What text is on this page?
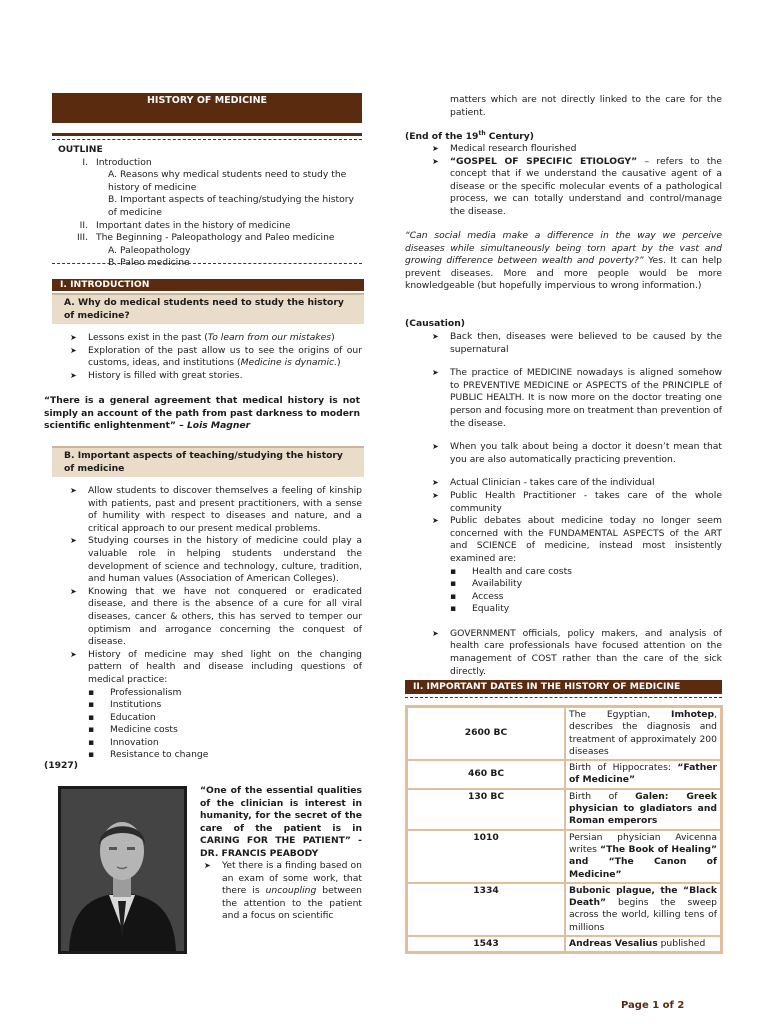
HISTORY OF MEDICINE
OUTLINE
I. Introduction
A. Reasons why medical students need to study the history of medicine
B. Important aspects of teaching/studying the history of medicine
II. Important dates in the history of medicine
III. The Beginning - Paleopathology and Paleo medicine
A. Paleopathology
B. Paleo medicine
I. INTRODUCTION
A. Why do medical students need to study the history of medicine?
➤ Lessons exist in the past (To learn from our mistakes)
➤ Exploration of the past allow us to see the origins of our customs, ideas, and institutions (Medicine is dynamic.)
➤ History is filled with great stories.
“There is a general agreement that medical history is not simply an account of the path from past darkness to modern scientific enlightenment” – Lois Magner
B. Important aspects of teaching/studying the history of medicine
➤ Allow students to discover themselves a feeling of kinship with patients, past and present practitioners, with a sense of humility with respect to diseases and nature, and a critical approach to our present medical problems.
➤ Studying courses in the history of medicine could play a valuable role in helping students understand the development of science and technology, culture, tradition, and human values (Association of American Colleges).
➤ Knowing that we have not conquered or eradicated disease, and there is the absence of a cure for all viral diseases, cancer & others, this has served to temper our optimism and arrogance concerning the conquest of disease.
➤ History of medicine may shed light on the changing pattern of health and disease including questions of medical practice:
▪ Professionalism
▪ Institutions
▪ Education
▪ Medicine costs
▪ Innovation
▪ Resistance to change
(1927)
“One of the essential qualities of the clinician is interest in humanity, for the secret of the care of the patient is in CARING FOR THE PATIENT” - DR. FRANCIS PEABODY
➤ Yet there is a finding based on an exam of some work, that there is uncoupling between the attention to the patient and a focus on scientific
matters which are not directly linked to the care for the patient.
(End of the 19th Century)
➤ Medical research flourished
➤ “GOSPEL OF SPECIFIC ETIOLOGY” – refers to the concept that if we understand the causative agent of a disease or the specific molecular events of a pathological process, we can totally understand and control/manage the disease.
“Can social media make a difference in the way we perceive diseases while simultaneously being torn apart by the vast and growing difference between wealth and poverty?” Yes. It can help prevent diseases. More and more people would be more knowledgeable (but hopefully impervious to wrong information.)
(Causation)
➤ Back then, diseases were believed to be caused by the supernatural
➤ The practice of MEDICINE nowadays is aligned somehow to PREVENTIVE MEDICINE or ASPECTS of the PRINCIPLE of PUBLIC HEALTH. It is now more on the doctor treating one person and focusing more on treatment than prevention of the disease.
➤ When you talk about being a doctor it doesn’t mean that you are also automatically practicing prevention.
➤ Actual Clinician - takes care of the individual
➤ Public Health Practitioner - takes care of the whole community
➤ Public debates about medicine today no longer seem concerned with the FUNDAMENTAL ASPECTS of the ART and SCIENCE of medicine, instead most insistently examined are:
▪ Health and care costs
▪ Availability
▪ Access
▪ Equality
➤ GOVERNMENT officials, policy makers, and analysis of health care professionals have focused attention on the management of COST rather than the care of the sick directly.
II. IMPORTANT DATES IN THE HISTORY OF MEDICINE
2600 BC	The Egyptian, Imhotep, describes the diagnosis and treatment of approximately 200 diseases
460 BC	Birth of Hippocrates: “Father of Medicine”
130 BC	Birth of Galen: Greek physician to gladiators and Roman emperors
1010	Persian physician Avicenna writes “The Book of Healing” and “The Canon of Medicine”
1334	Bubonic plague, the “Black Death” begins the sweep across the world, killing tens of millions
1543	Andreas Vesalius published
Page 1 of 2
